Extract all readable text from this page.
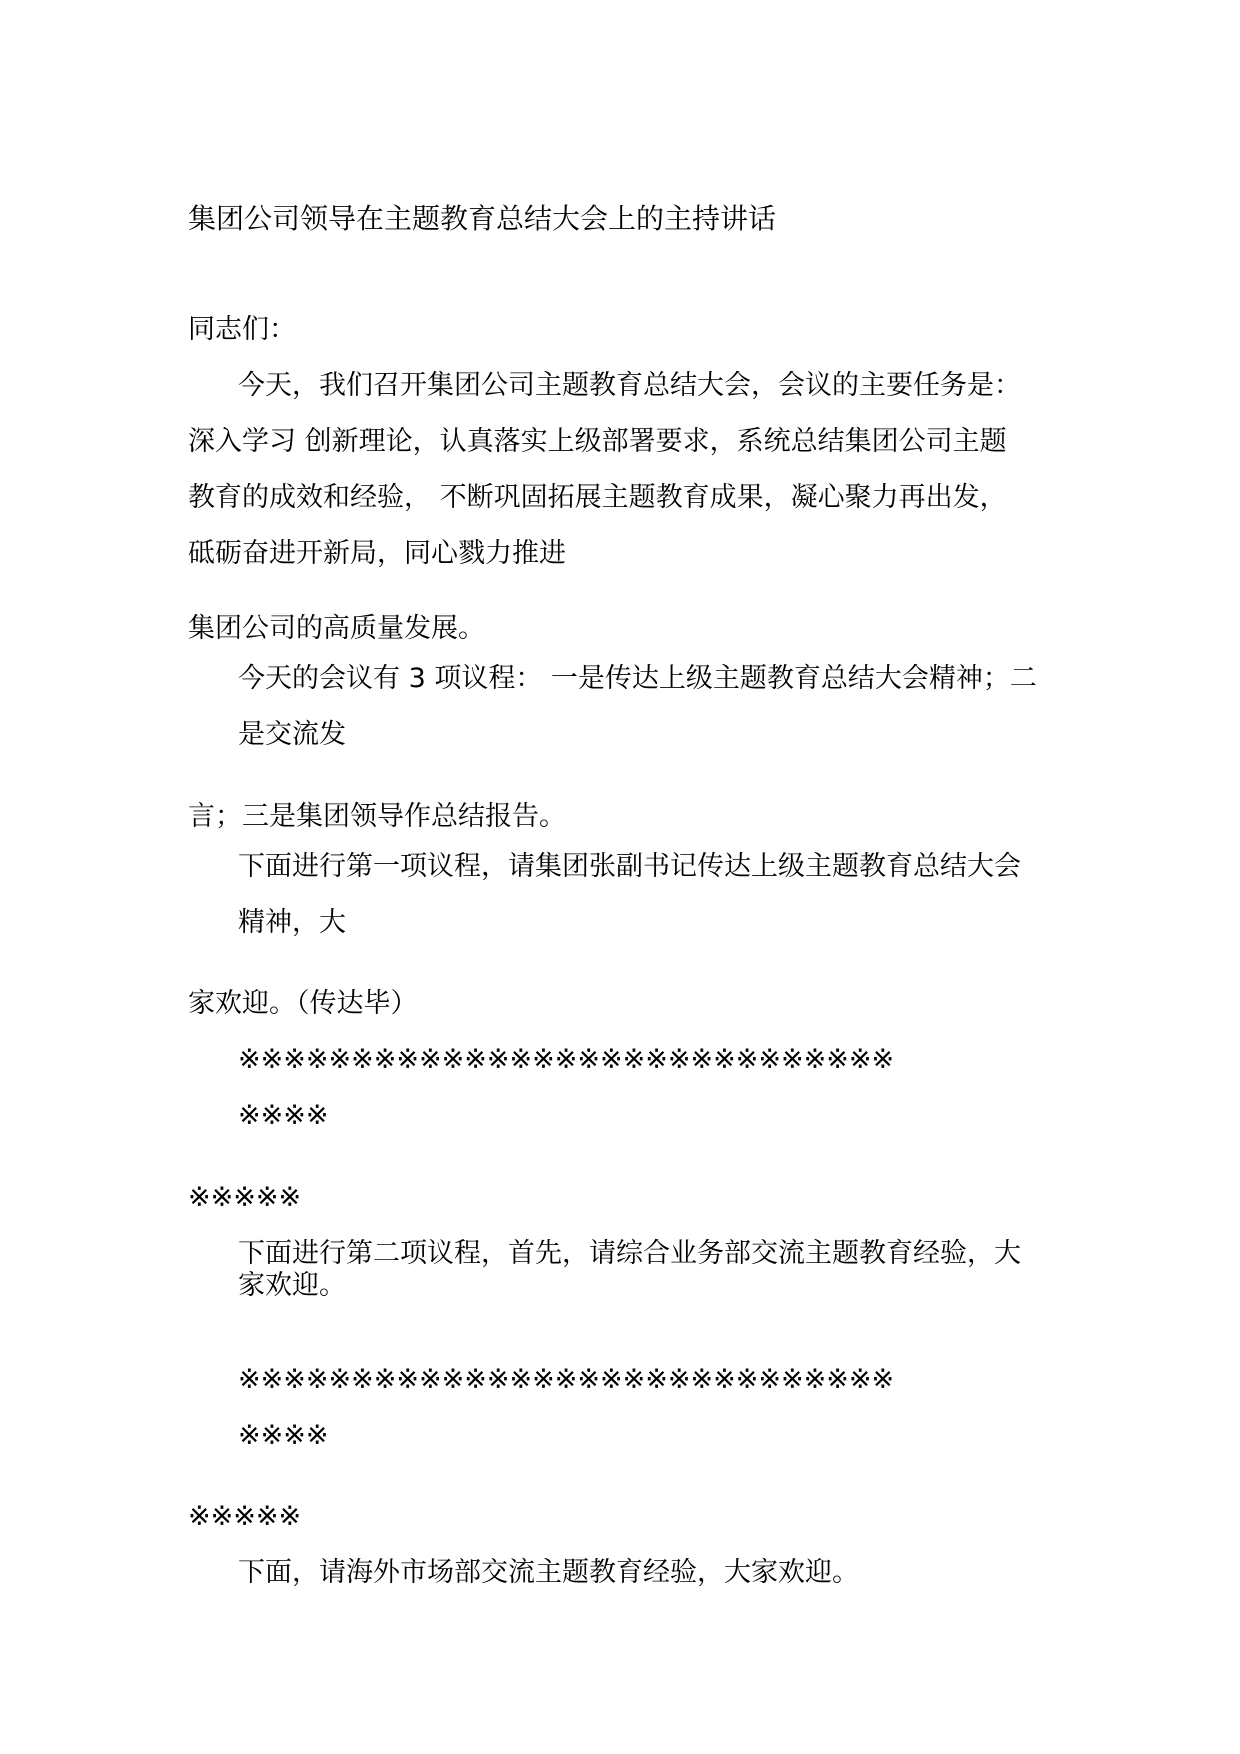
集团公司领导在主题教育总结大会上的主持讲话

同志们：

今天，我们召开集团公司主题教育总结大会，会议的主要任务是：

深入学习 创新理论，认真落实上级部署要求，系统总结集团公司主题

教育的成效和经验， 不断巩固拓展主题教育成果，凝心聚力再出发，

砥砺奋进开新局，同心戮力推进

集团公司的高质量发展。

今天的会议有 3 项议程： 一是传达上级主题教育总结大会精神；二

是交流发

言；三是集团领导作总结报告。

下面进行第一项议程，请集团张副书记传达上级主题教育总结大会

精神，大

家欢迎。（传达毕）

※※※※※※※※※※※※※※※※※※※※※※※※※※※※※

※※※※

※※※※※

下面进行第二项议程，首先，请综合业务部交流主题教育经验，大

家欢迎。

※※※※※※※※※※※※※※※※※※※※※※※※※※※※※

※※※※

※※※※※

下面，请海外市场部交流主题教育经验，大家欢迎。
